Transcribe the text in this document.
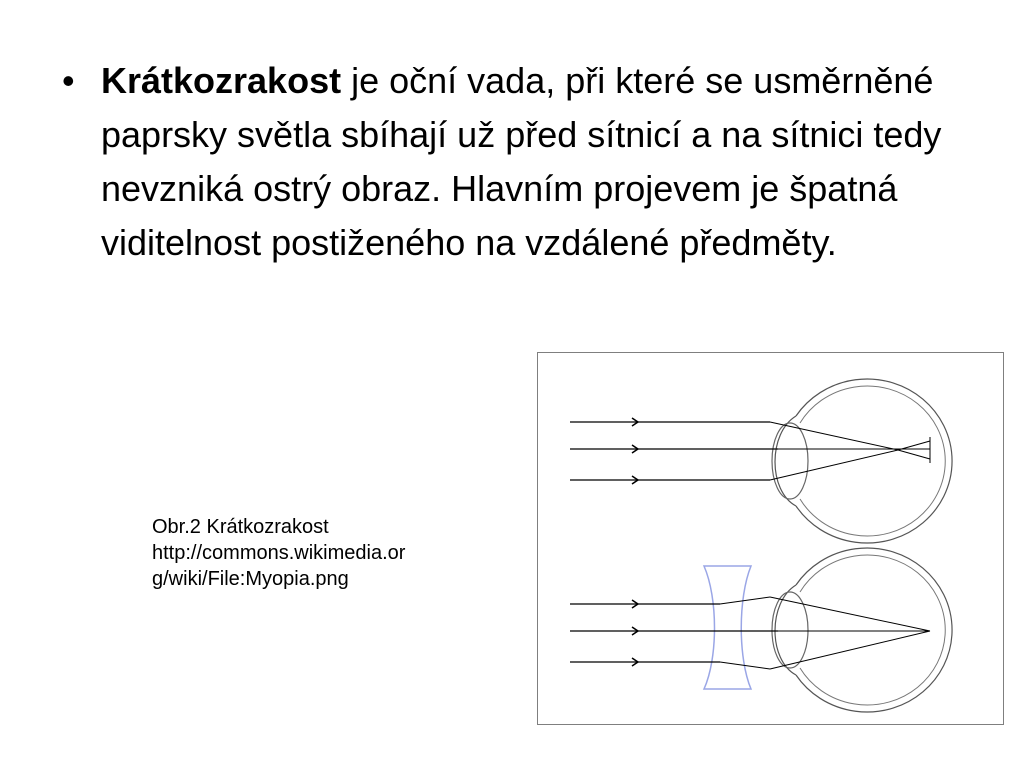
• Krátkozrakost je oční vada, při které se usměrněné paprsky světla sbíhají už před sítnicí a na sítnici tedy nevzniká ostrý obraz. Hlavním projevem je špatná viditelnost postiženého na vzdálené předměty.
Obr.2 Krátkozrakost
http://commons.wikimedia.org/wiki/File:Myopia.png
